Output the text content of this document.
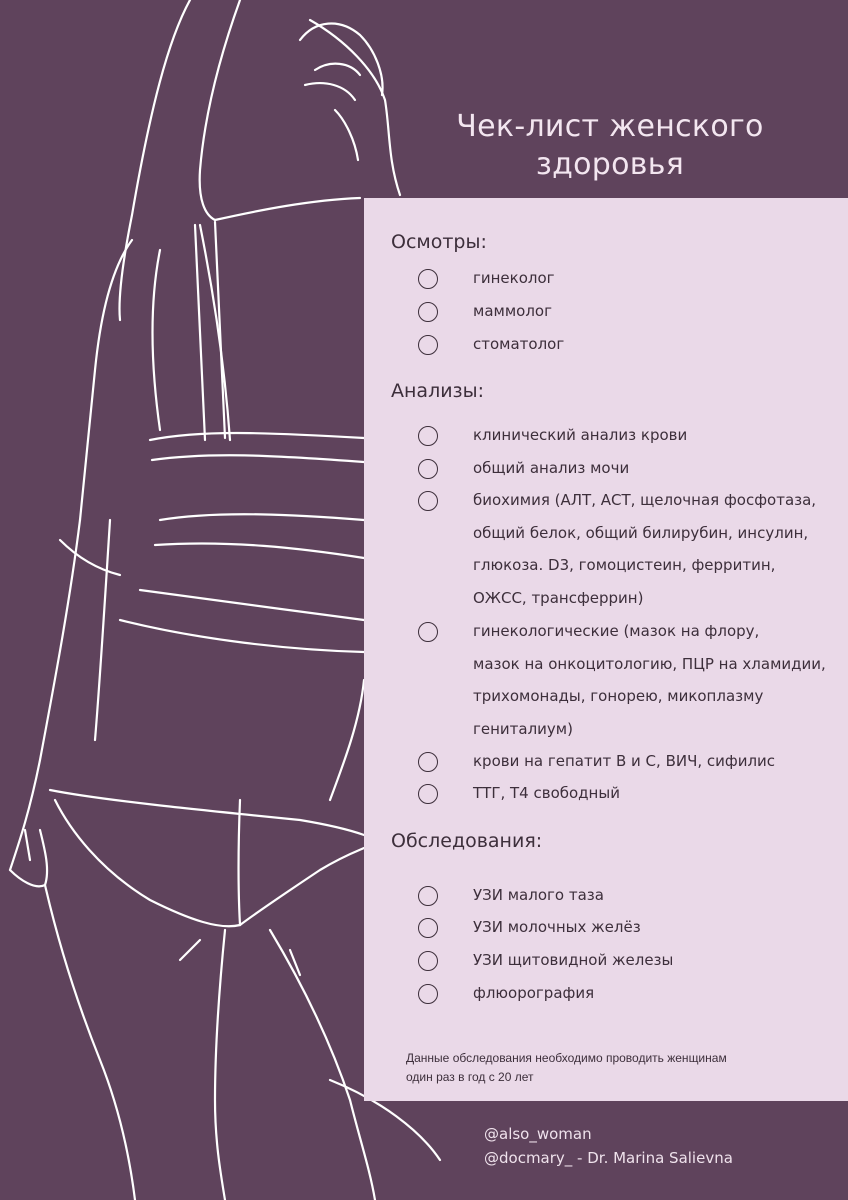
Чек-лист женского
здоровья
Осмотры:
гинеколог
маммолог
стоматолог
Анализы:
клинический анализ крови
общий анализ мочи
биохимия (АЛТ, АСТ, щелочная фосфотаза,
общий белок, общий билирубин, инсулин,
глюкоза. D3, гомоцистеин, ферритин,
ОЖСС, трансферрин)
гинекологические (мазок на флору,
мазок на онкоцитологию, ПЦР на хламидии,
трихомонады, гонорею, микоплазму
гениталиум)
крови на гепатит В и С, ВИЧ, сифилис
ТТГ, Т4 свободный
Обследования:
УЗИ малого таза
УЗИ молочных желёз
УЗИ щитовидной железы
флюорография
Данные обследования необходимо проводить женщинам
один раз в год с 20 лет
@also_woman
@docmary_ - Dr. Marina Salievna
